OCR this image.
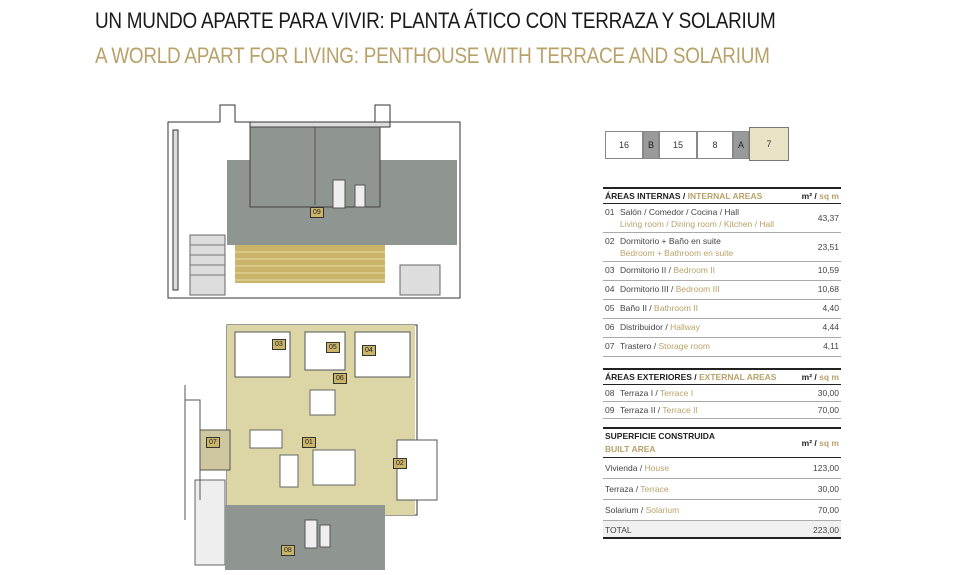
UN MUNDO APARTE PARA VIVIR: PLANTA ÁTICO CON TERRAZA Y SOLARIUM
A WORLD APART FOR LIVING: PENTHOUSE WITH TERRACE AND SOLARIUM
09
03	05	04
06
01
07
02
08
16	B	15	8	A	7
ÁREAS INTERNAS / INTERNAL AREAS	m² / sq m
01 Salón / Comedor / Cocina / Hall
Living room / Dining room / Kitchen / Hall
43,37
02 Dormitorio + Baño en suite
Bedroom + Bathroom en suite
23,51
03 Dormitorio II / Bedroom II	10,59
04 Dormitorio III / Bedroom III	10,68
05 Baño II / Bathroom II	4,40
06 Distribuidor / Hallway	4,44
07 Trastero / Storage room	4,11
ÁREAS EXTERIORES / EXTERNAL AREAS	m² / sq m
08 Terraza I / Terrace I	30,00
09 Terraza II / Terrace II	70,00
SUPERFICIE CONSTRUIDA
BUILT AREA
m² / sq m
Vivienda / House	123,00
Terraza / Terrace	30,00
Solarium / Solarium	70,00
TOTAL	223,00
